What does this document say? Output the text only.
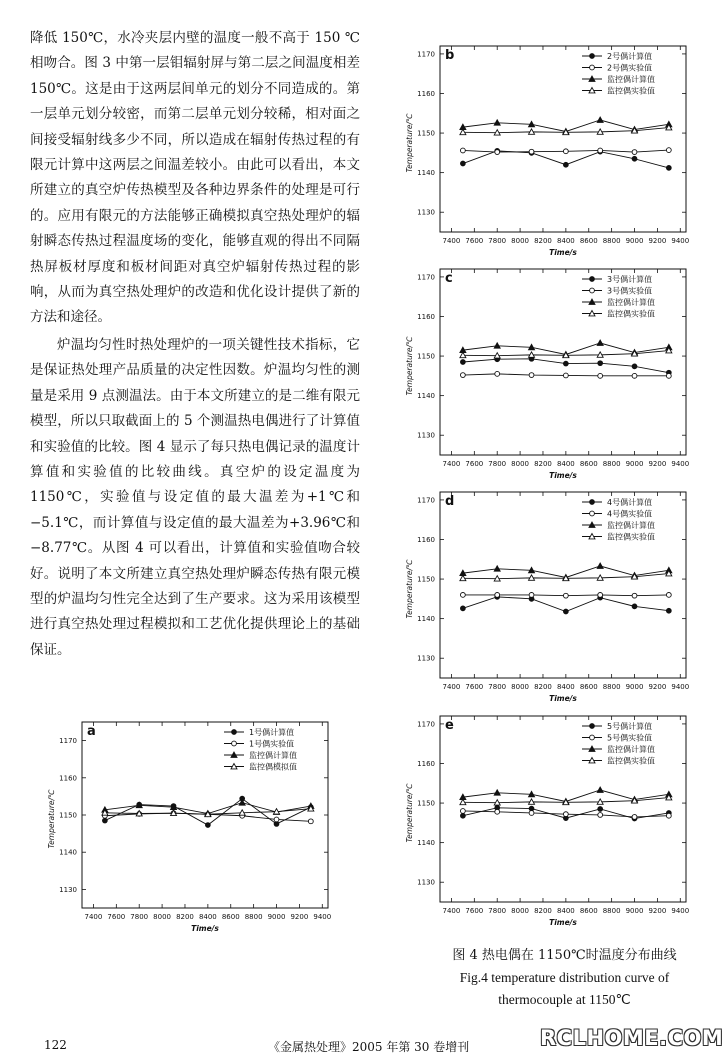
降低 150℃，水冷夹层内壁的温度一般不高于 150 ℃相吻合。图 3 中第一层钼辐射屏与第二层之间温度相差 150℃。这是由于这两层间单元的划分不同造成的。第一层单元划分较密，而第二层单元划分较稀，相对面之间接受辐射线多少不同，所以造成在辐射传热过程的有限元计算中这两层之间温差较小。由此可以看出，本文所建立的真空炉传热模型及各种边界条件的处理是可行的。应用有限元的方法能够正确模拟真空热处理炉的辐射瞬态传热过程温度场的变化，能够直观的得出不同隔热屏板材厚度和板材间距对真空炉辐射传热过程的影响，从而为真空热处理炉的改造和优化设计提供了新的方法和途径。

炉温均匀性时热处理炉的一项关键性技术指标，它是保证热处理产品质量的决定性因数。炉温均匀性的测量是采用 9 点测温法。由于本文所建立的是二维有限元模型，所以只取截面上的 5 个测温热电偶进行了计算值和实验值的比较。图 4 显示了每只热电偶记录的温度计算值和实验值的比较曲线。真空炉的设定温度为 1150℃，实验值与设定值的最大温差为+1℃和−5.1℃，而计算值与设定值的最大温差为+3.96℃和−8.77℃。从图 4 可以看出，计算值和实验值吻合较好。说明了本文所建立真空热处理炉瞬态传热有限元模型的炉温均匀性完全达到了生产要求。这为采用该模型进行真空热处理过程模拟和工艺优化提供理论上的基础保证。

1130
1140
1150
1160
1170
7400 7600 7800 8000 8200 8400 8600 8800 9000 9200 9400
Time/s
Temperature/℃
b	2号偶计算值
2号偶实验值
监控偶计算值
监控偶实验值
1130
1140
1150
1160
1170
7400 7600 7800 8000 8200 8400 8600 8800 9000 9200 9400
Time/s
Temperature/℃
c	3号偶计算值
3号偶实验值
监控偶计算值
监控偶实验值
1130
1140
1150
1160
1170
7400 7600 7800 8000 8200 8400 8600 8800 9000 9200 9400
Time/s
Temperature/℃
d	4号偶计算值
4号偶实验值
监控偶计算值
监控偶实验值
1130
1140
1150
1160
1170
7400 7600 7800 8000 8200 8400 8600 8800 9000 9200 9400
Time/s
Temperature/℃
a	1号偶计算值
1号偶实验值
监控偶计算值
监控偶模拟值
1130
1140
1150
1160
1170
7400 7600 7800 8000 8200 8400 8600 8800 9000 9200 9400
Time/s
Temperature/℃
e	5号偶计算值
5号偶实验值
监控偶计算值
监控偶实验值
图 4 热电偶在 1150℃时温度分布曲线
Fig.4 temperature distribution curve of
thermocouple at 1150℃
122	《金属热处理》2005 年第 30 卷增刊	RCLHOME.COM
